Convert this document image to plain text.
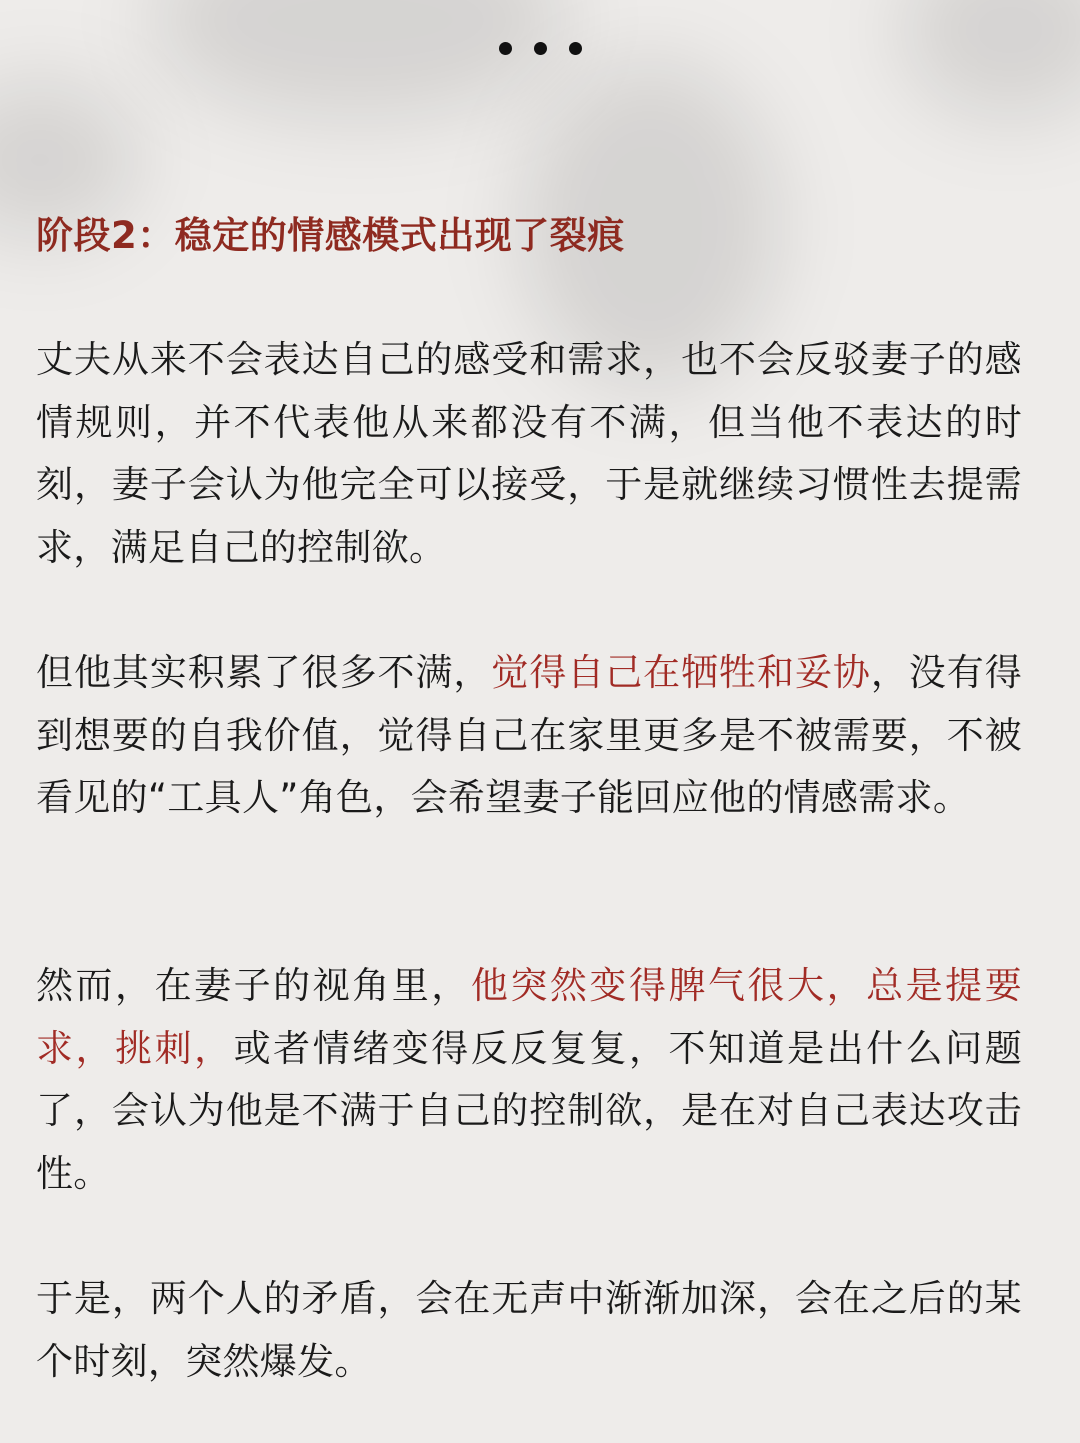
阶段2：稳定的情感模式出现了裂痕
丈夫从来不会表达自己的感受和需求，也不会反驳妻子的感情规则，并不代表他从来都没有不满，但当他不表达的时刻，妻子会认为他完全可以接受，于是就继续习惯性去提需求，满足自己的控制欲。
但他其实积累了很多不满，觉得自己在牺牲和妥协，没有得到想要的自我价值，觉得自己在家里更多是不被需要，不被看见的“工具人”角色，会希望妻子能回应他的情感需求。
然而，在妻子的视角里，他突然变得脾气很大，总是提要求，挑刺，或者情绪变得反反复复，不知道是出什么问题了，会认为他是不满于自己的控制欲，是在对自己表达攻击性。
于是，两个人的矛盾，会在无声中渐渐加深，会在之后的某个时刻，突然爆发。
